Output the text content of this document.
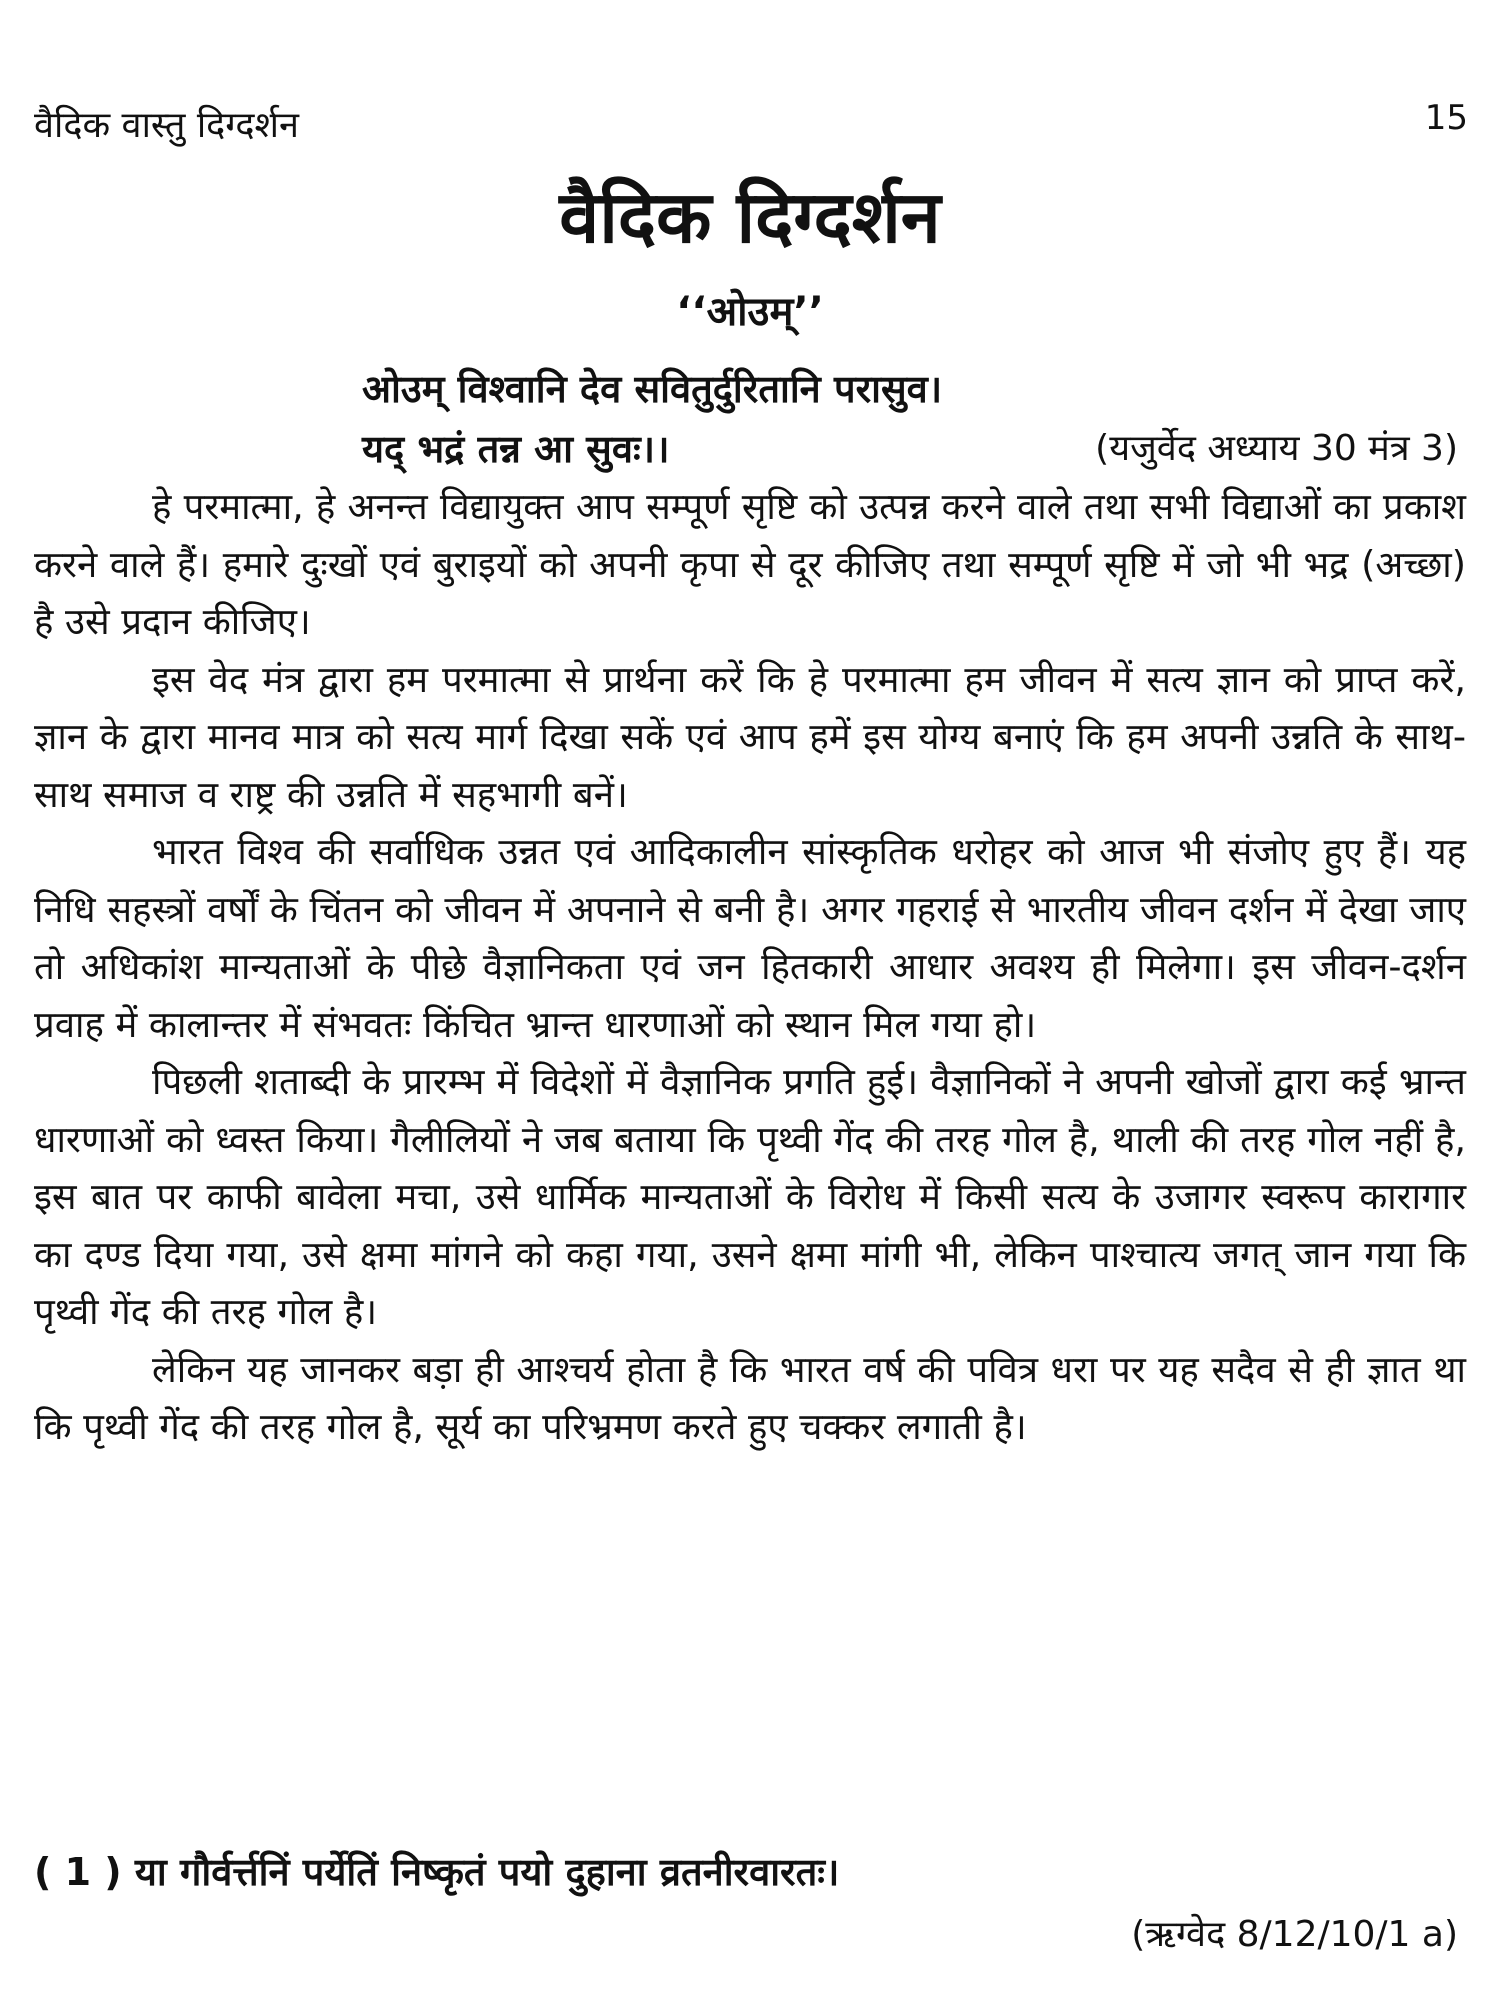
वैदिक वास्तु दिग्दर्शन	15
वैदिक दिग्दर्शन
‘‘ओउम्’’
ओउम् विश्वानि देव सवितुर्दुरितानि परासुव।
यद् भद्रं तन्न आ सुवः।।	(यजुर्वेद अध्याय 30 मंत्र 3)

हे परमात्मा, हे अनन्त विद्यायुक्त आप सम्पूर्ण सृष्टि को उत्पन्न करने वाले तथा सभी विद्याओं का प्रकाश करने वाले हैं। हमारे दुःखों एवं बुराइयों को अपनी कृपा से दूर कीजिए तथा सम्पूर्ण सृष्टि में जो भी भद्र (अच्छा) है उसे प्रदान कीजिए।

इस वेद मंत्र द्वारा हम परमात्मा से प्रार्थना करें कि हे परमात्मा हम जीवन में सत्य ज्ञान को प्राप्त करें, ज्ञान के द्वारा मानव मात्र को सत्य मार्ग दिखा सकें एवं आप हमें इस योग्य बनाएं कि हम अपनी उन्नति के साथ-साथ समाज व राष्ट्र की उन्नति में सहभागी बनें।

भारत विश्व की सर्वाधिक उन्नत एवं आदिकालीन सांस्कृतिक धरोहर को आज भी संजोए हुए हैं। यह निधि सहस्त्रों वर्षों के चिंतन को जीवन में अपनाने से बनी है। अगर गहराई से भारतीय जीवन दर्शन में देखा जाए तो अधिकांश मान्यताओं के पीछे वैज्ञानिकता एवं जन हितकारी आधार अवश्य ही मिलेगा। इस जीवन-दर्शन प्रवाह में कालान्तर में संभवतः किंचित भ्रान्त धारणाओं को स्थान मिल गया हो।

पिछली शताब्दी के प्रारम्भ में विदेशों में वैज्ञानिक प्रगति हुई। वैज्ञानिकों ने अपनी खोजों द्वारा कई भ्रान्त धारणाओं को ध्वस्त किया। गैलीलियों ने जब बताया कि पृथ्वी गेंद की तरह गोल है, थाली की तरह गोल नहीं है, इस बात पर काफी बावेला मचा, उसे धार्मिक मान्यताओं के विरोध में किसी सत्य के उजागर स्वरूप कारागार का दण्ड दिया गया, उसे क्षमा मांगने को कहा गया, उसने क्षमा मांगी भी, लेकिन पाश्चात्य जगत् जान गया कि पृथ्वी गेंद की तरह गोल है।

लेकिन यह जानकर बड़ा ही आश्चर्य होता है कि भारत वर्ष की पवित्र धरा पर यह सदैव से ही ज्ञात था कि पृथ्वी गेंद की तरह गोल है, सूर्य का परिभ्रमण करते हुए चक्कर लगाती है।

( 1 ) या गौर्वर्त्तनिं पर्येतिं निष्कृतं पयो दुहाना व्रतनीरवारतः।
(ऋग्वेद 8/12/10/1 a)
